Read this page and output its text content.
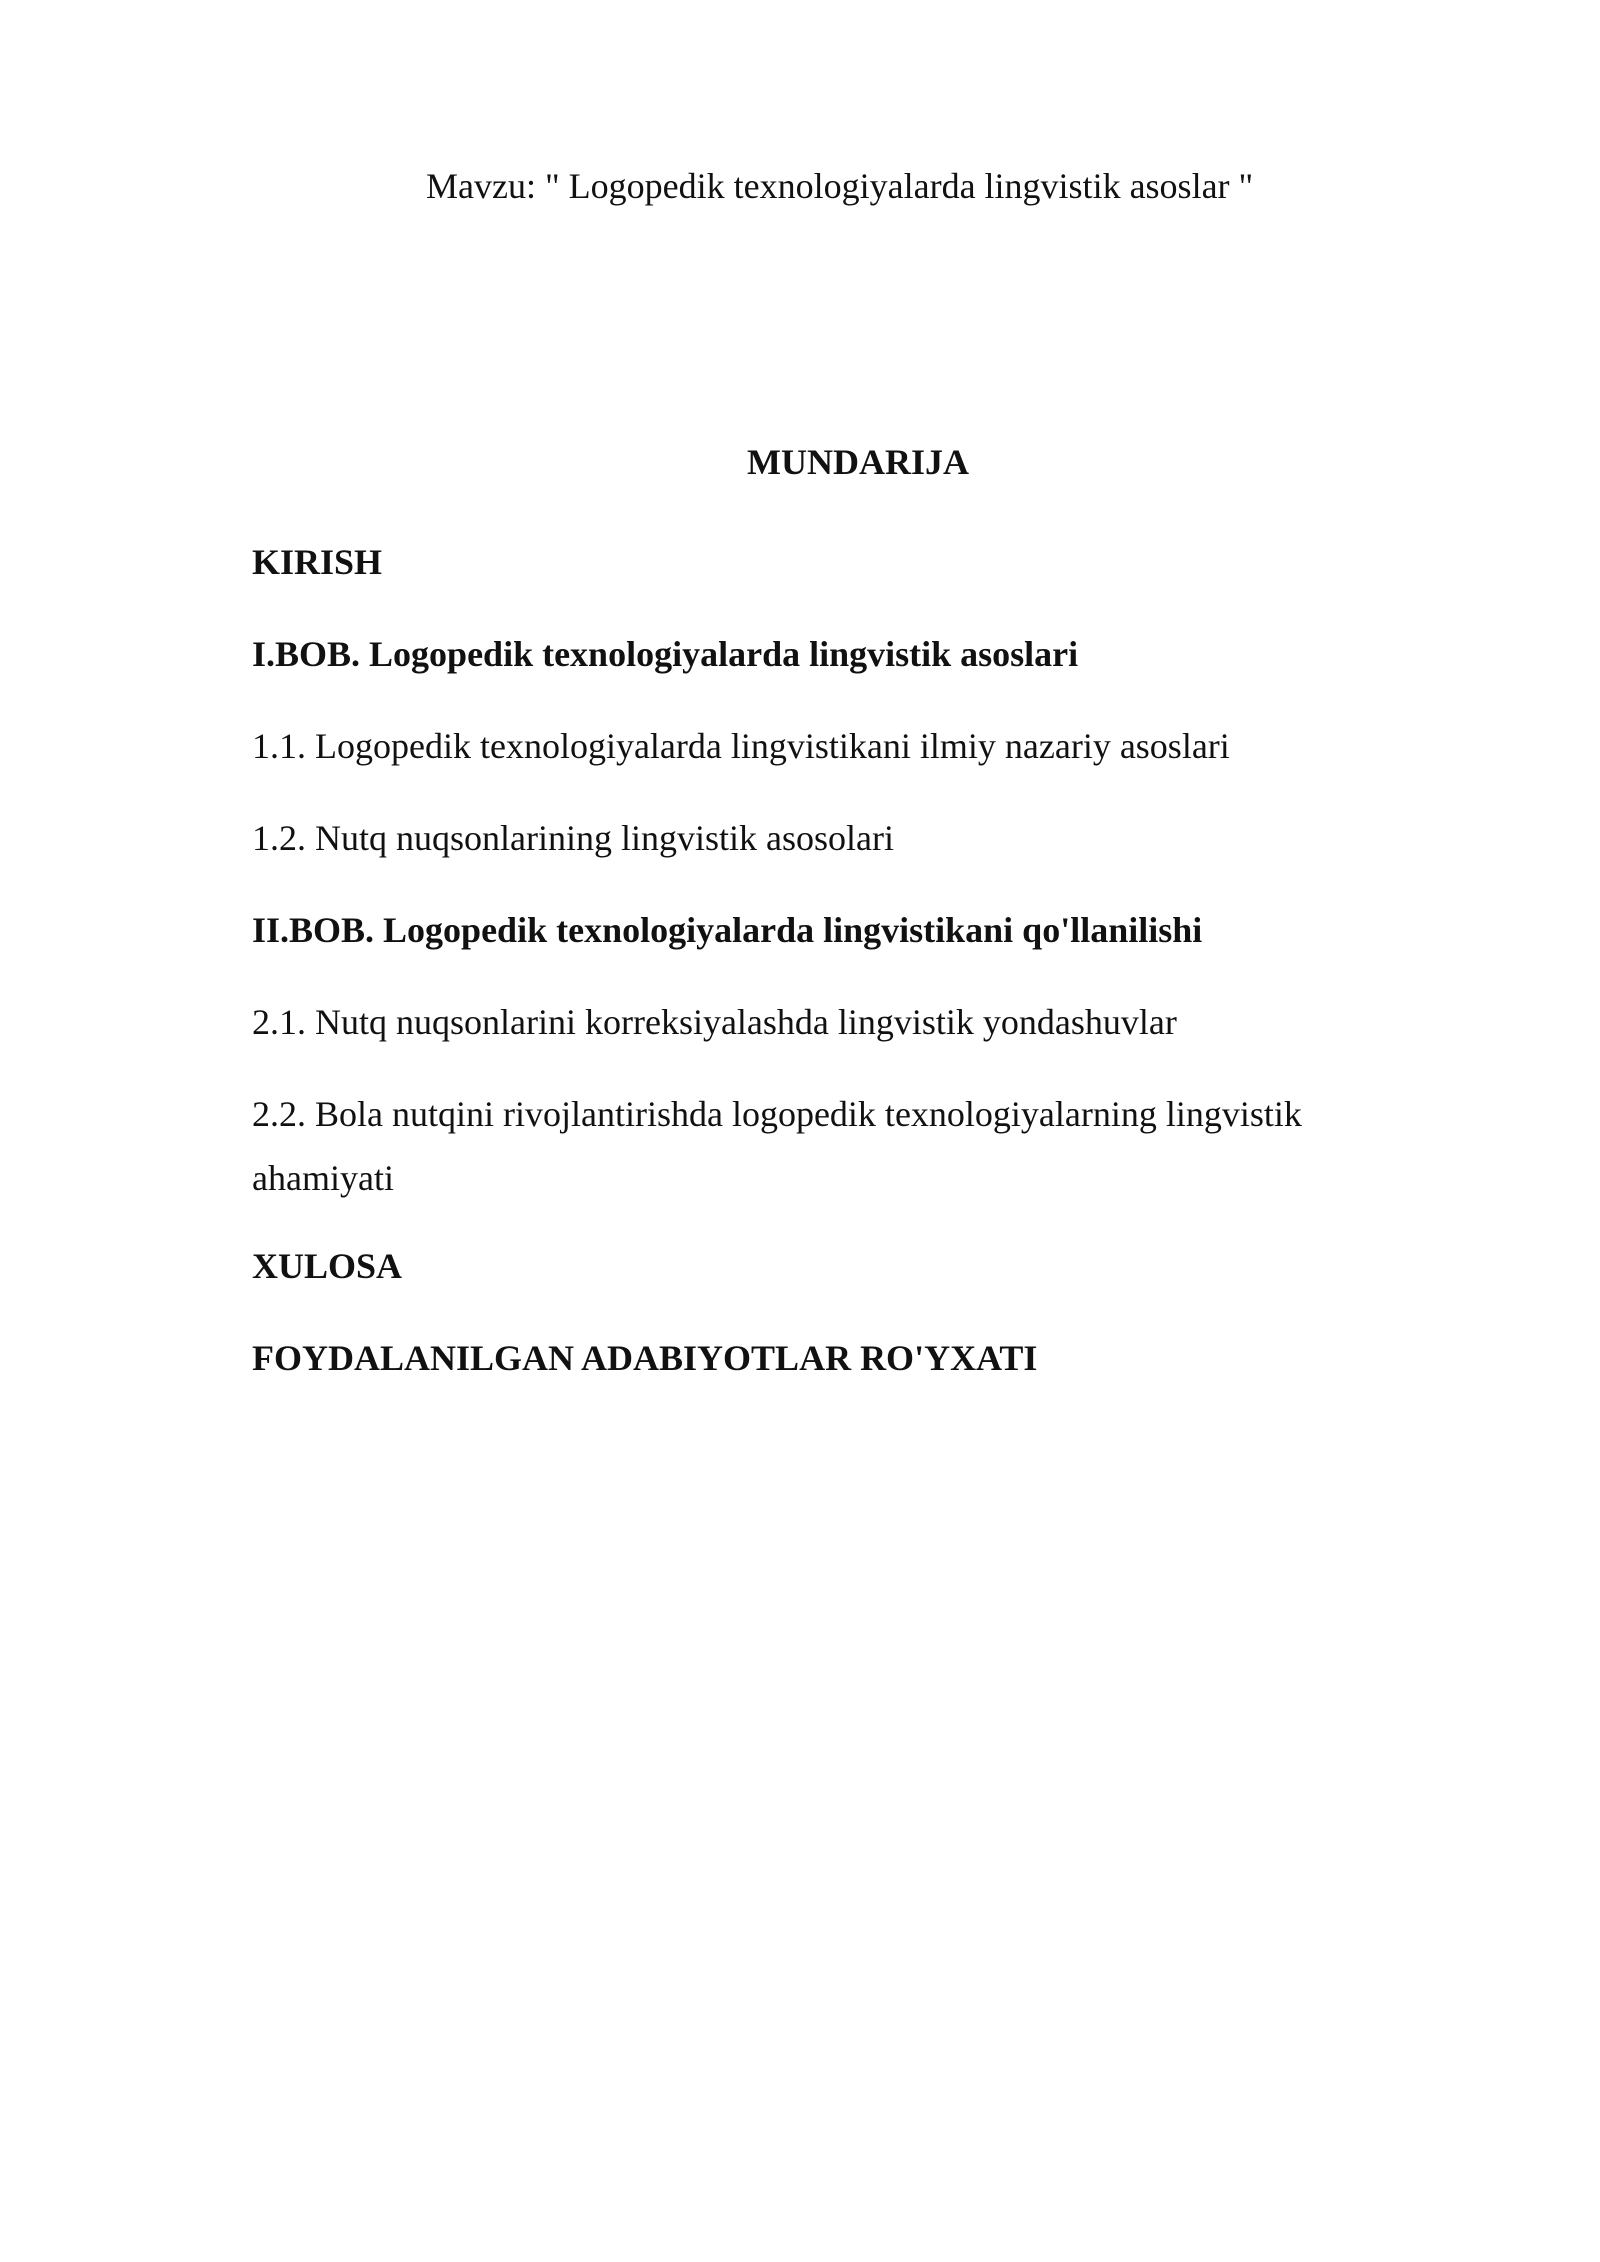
Mavzu: " Logopedik texnologiyalarda lingvistik asoslar "

MUNDARIJA

KIRISH

I.BOB. Logopedik texnologiyalarda lingvistik asoslari

1.1. Logopedik texnologiyalarda lingvistikani ilmiy nazariy asoslari

1.2. Nutq nuqsonlarining lingvistik asosolari

II.BOB. Logopedik texnologiyalarda lingvistikani qo'llanilishi

2.1. Nutq nuqsonlarini korreksiyalashda lingvistik yondashuvlar

2.2. Bola nutqini rivojlantirishda logopedik texnologiyalarning lingvistik ahamiyati

XULOSA

FOYDALANILGAN ADABIYOTLAR RO'YXATI
